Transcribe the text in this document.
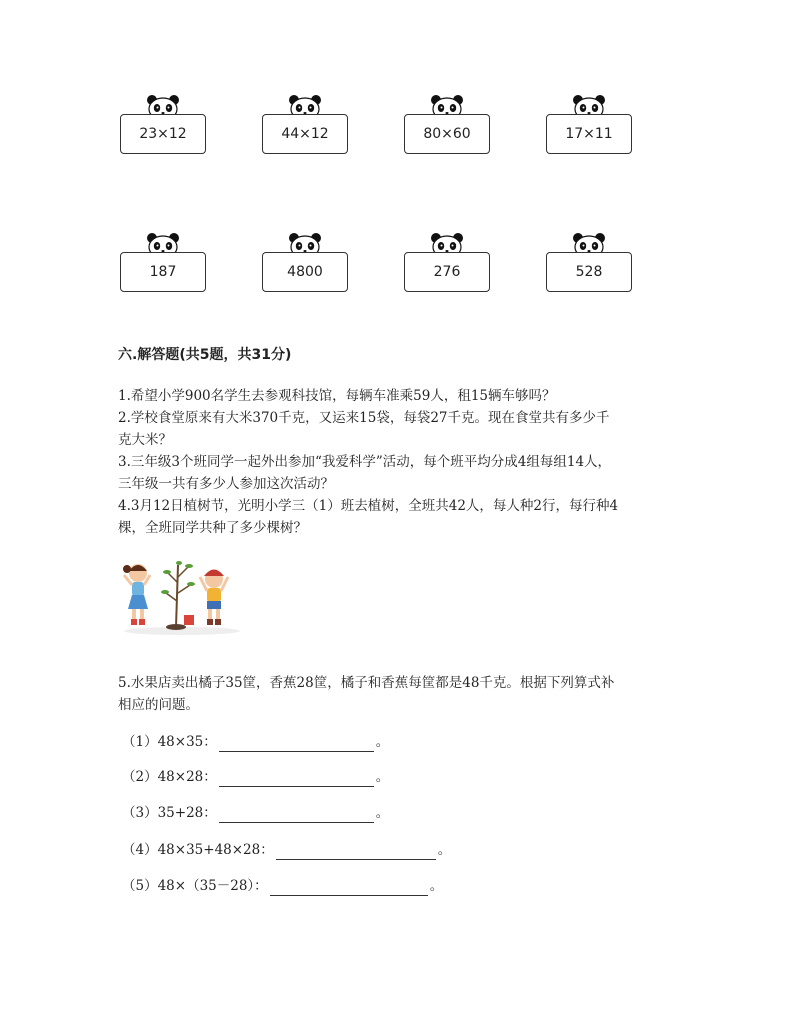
23×12	44×12	80×60	17×11
187	4800	276	528
六.解答题(共5题，共31分)
1.希望小学900名学生去参观科技馆，每辆车准乘59人，租15辆车够吗？
2.学校食堂原来有大米370千克，又运来15袋，每袋27千克。现在食堂共有多少千
克大米？
3.三年级3个班同学一起外出参加“我爱科学”活动，每个班平均分成4组每组14人，
三年级一共有多少人参加这次活动？
4.3月12日植树节，光明小学三（1）班去植树，全班共42人，每人种2行，每行种4
棵，全班同学共种了多少棵树？
5.水果店卖出橘子35筐，香蕉28筐，橘子和香蕉每筐都是48千克。根据下列算式补
相应的问题。
（1）48×35：	。
（2）48×28：	。
（3）35+28：	。
（4）48×35+48×28：	。
（5）48×（35－28）：	。
